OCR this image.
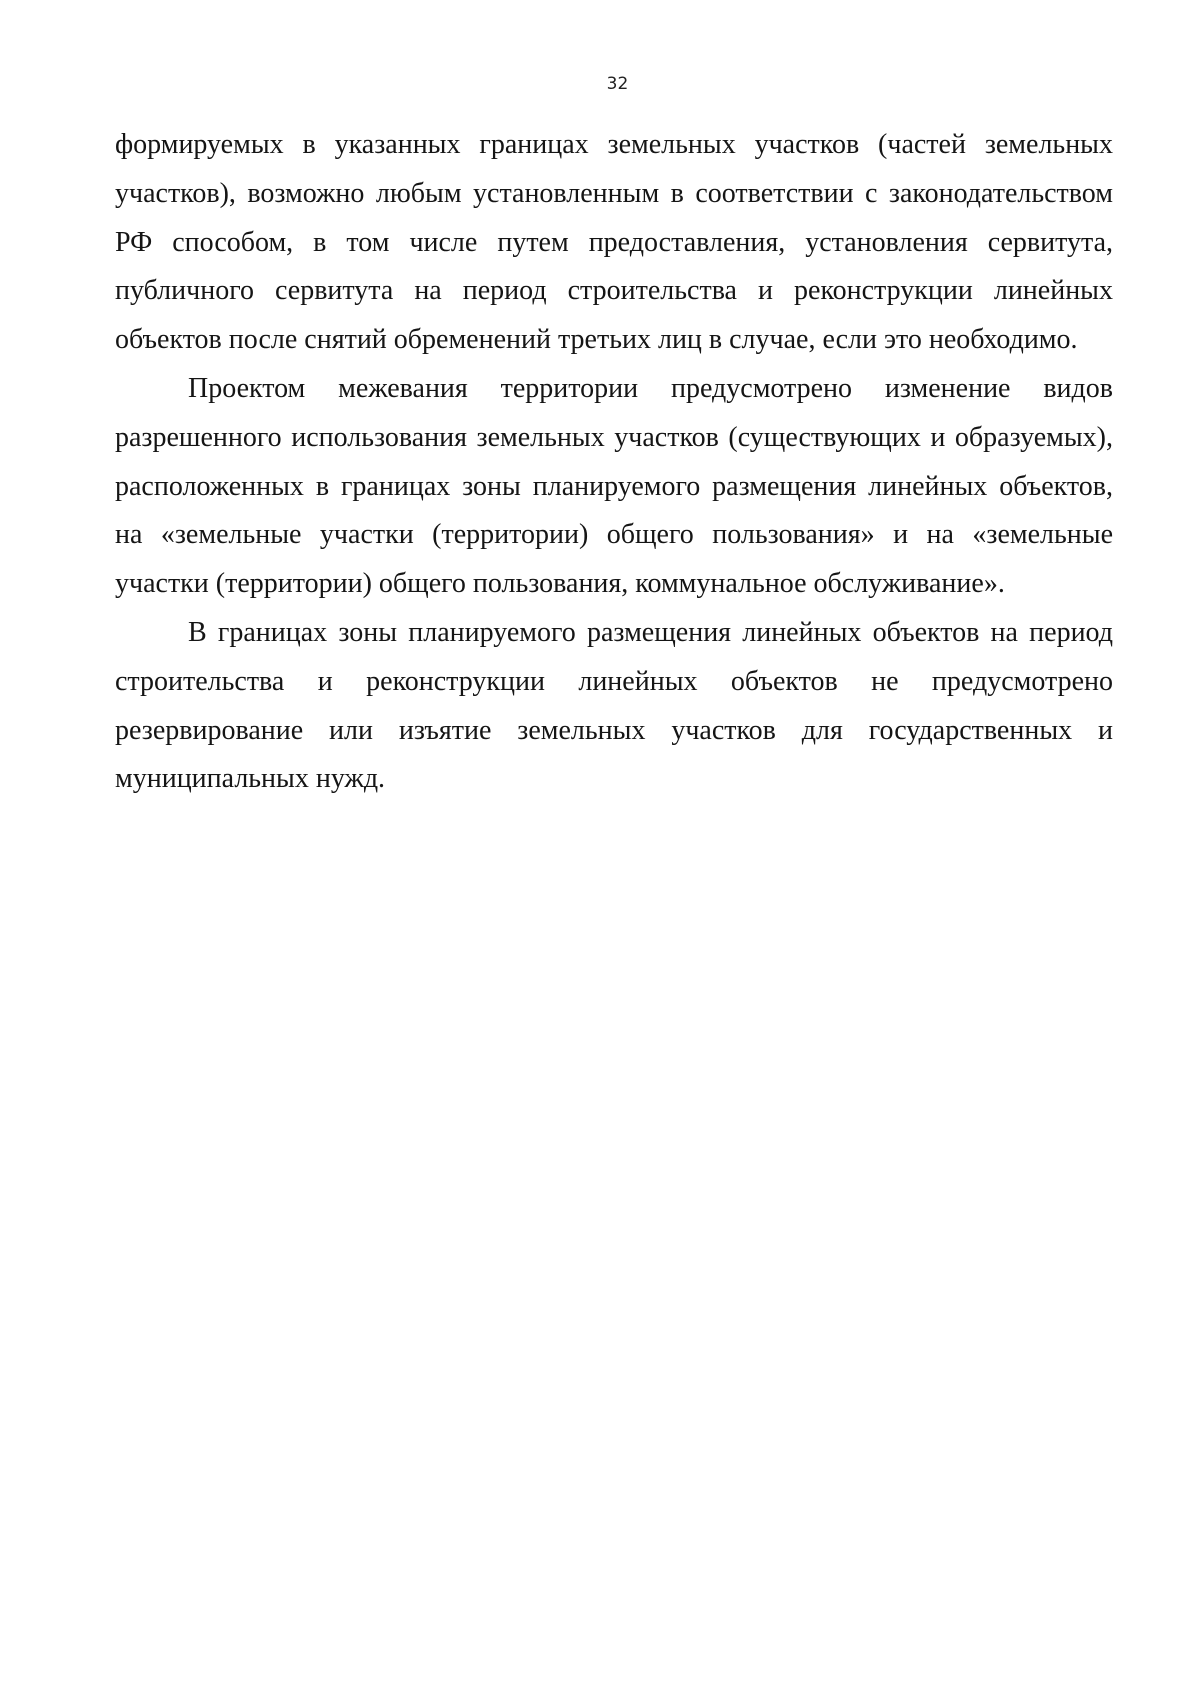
32

формируемых в указанных границах земельных участков (частей земельных участков), возможно любым установленным в соответствии с законодательством РФ способом, в том числе путем предоставления, установления сервитута, публичного сервитута на период строительства и реконструкции линейных объектов после снятий обременений третьих лиц в случае, если это необходимо.

Проектом межевания территории предусмотрено изменение видов разрешенного использования земельных участков (существующих и образуемых), расположенных в границах зоны планируемого размещения линейных объектов, на «земельные участки (территории) общего пользования» и на «земельные участки (территории) общего пользования, коммунальное обслуживание».

В границах зоны планируемого размещения линейных объектов на период строительства и реконструкции линейных объектов не предусмотрено резервирование или изъятие земельных участков для государственных и муниципальных нужд.
